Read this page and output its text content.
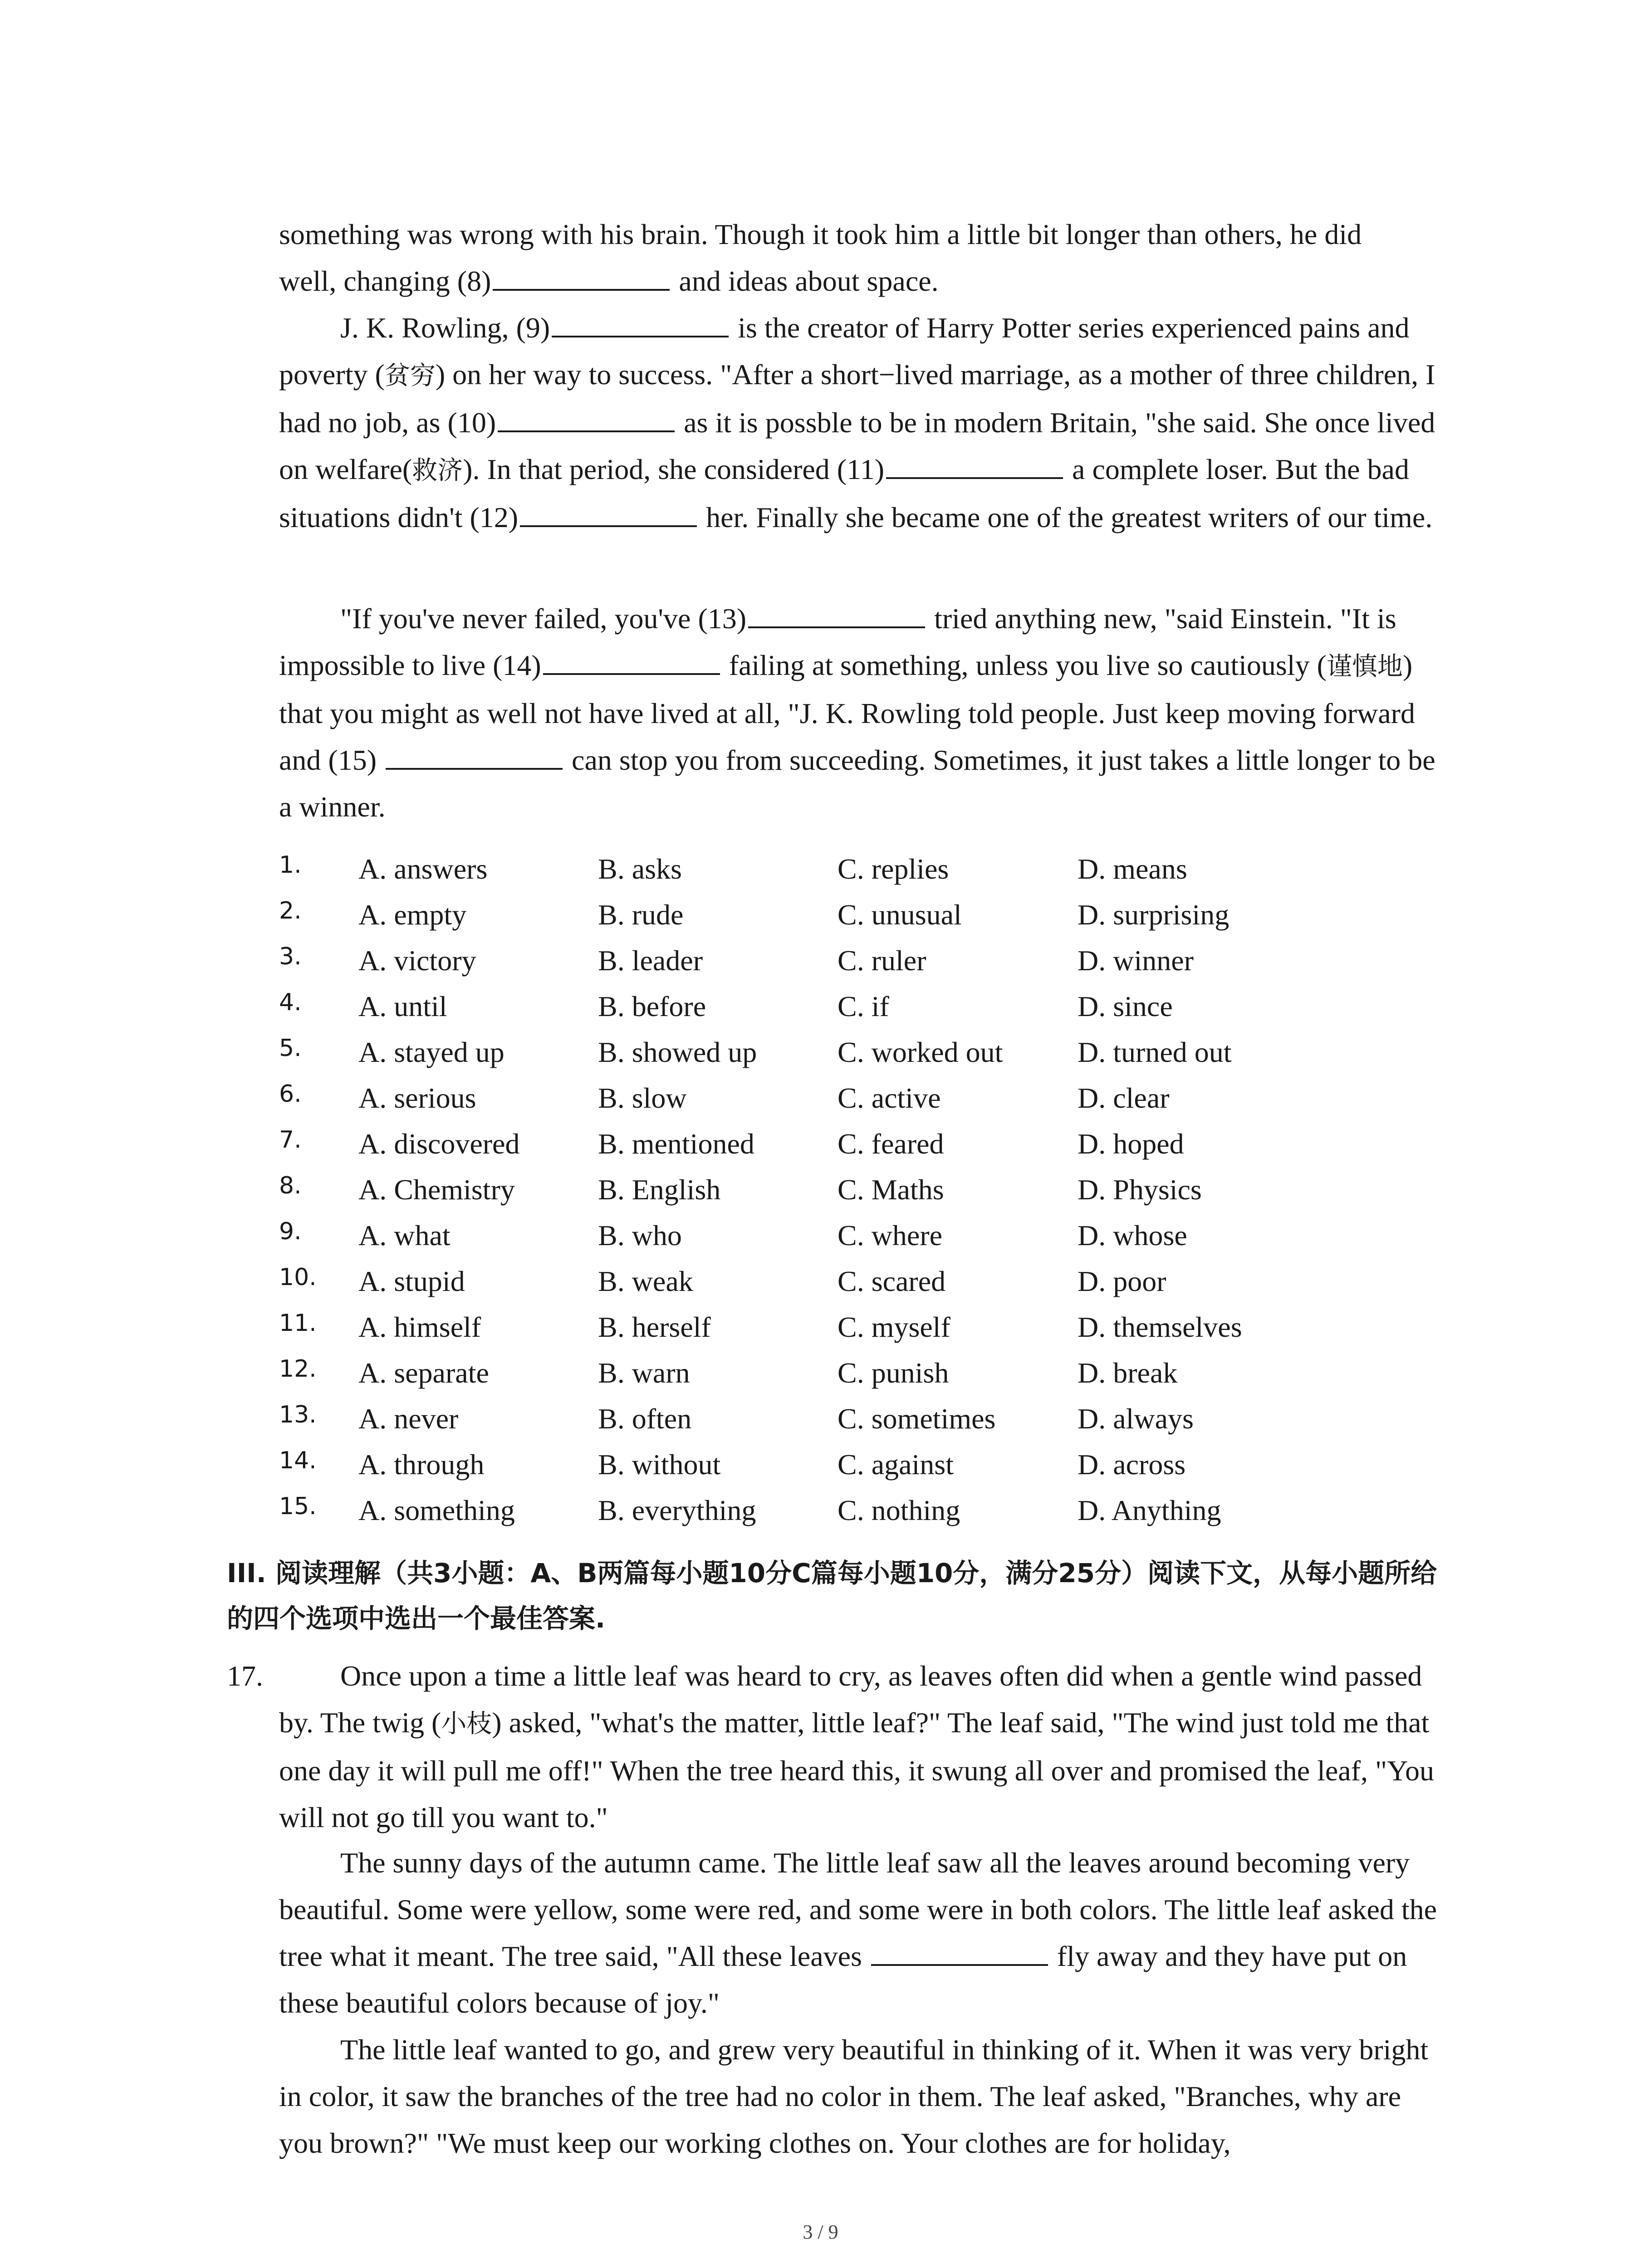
something was wrong with his brain. Though it took him a little bit longer than others, he did
well, changing (8)	and ideas about space.

J. K. Rowling, (9)	is the creator of Harry Potter series experienced pains and poverty (贫穷) on her way to success. "After a short−lived marriage, as a mother of three children, I had no job, as (10)	as it is possble to be in modern Britain, "she said. She once lived on welfare(救济). In that period, she considered (11)	a complete loser. But the bad situations didn't (12)	her. Finally she became one of the greatest writers of our time.

"If you've never failed, you've (13)	tried anything new, "said Einstein. "It is impossible to live (14)	failing at something, unless you live so cautiously (谨慎地) that you might as well not have lived at all, "J. K. Rowling told people. Just keep moving forward and (15)	can stop you from succeeding. Sometimes, it just takes a little longer to be a winner.

1. A. answers	B. asks	C. replies	D. means
2. A. empty	B. rude	C. unusual	D. surprising
3. A. victory	B. leader	C. ruler	D. winner
4. A. until	B. before	C. if	D. since
5. A. stayed up	B. showed up	C. worked out	D. turned out
6. A. serious	B. slow	C. active	D. clear
7. A. discovered	B. mentioned	C. feared	D. hoped
8. A. Chemistry	B. English	C. Maths	D. Physics
9. A. what	B. who	C. where	D. whose
10. A. stupid	B. weak	C. scared	D. poor
11. A. himself	B. herself	C. myself	D. themselves
12. A. separate	B. warn	C. punish	D. break
13. A. never	B. often	C. sometimes	D. always
14. A. through	B. without	C. against	D. across
15. A. something	B. everything	C. nothing	D. Anything

III. 阅读理解（共3小题：A、B两篇每小题10分C篇每小题10分，满分25分）阅读下文，从每小题所给的四个选项中选出一个最佳答案.

17.	Once upon a time a little leaf was heard to cry, as leaves often did when a gentle wind passed by. The twig (小枝) asked, "what's the matter, little leaf?" The leaf said, "The wind just told me that one day it will pull me off!" When the tree heard this, it swung all over and promised the leaf, "You will not go till you want to."

The sunny days of the autumn came. The little leaf saw all the leaves around becoming very beautiful. Some were yellow, some were red, and some were in both colors. The little leaf asked the tree what it meant. The tree said, "All these leaves	fly away and they have put on these beautiful colors because of joy."

The little leaf wanted to go, and grew very beautiful in thinking of it. When it was very bright in color, it saw the branches of the tree had no color in them. The leaf asked, "Branches, why are you brown?" "We must keep our working clothes on. Your clothes are for holiday,

3 / 9
